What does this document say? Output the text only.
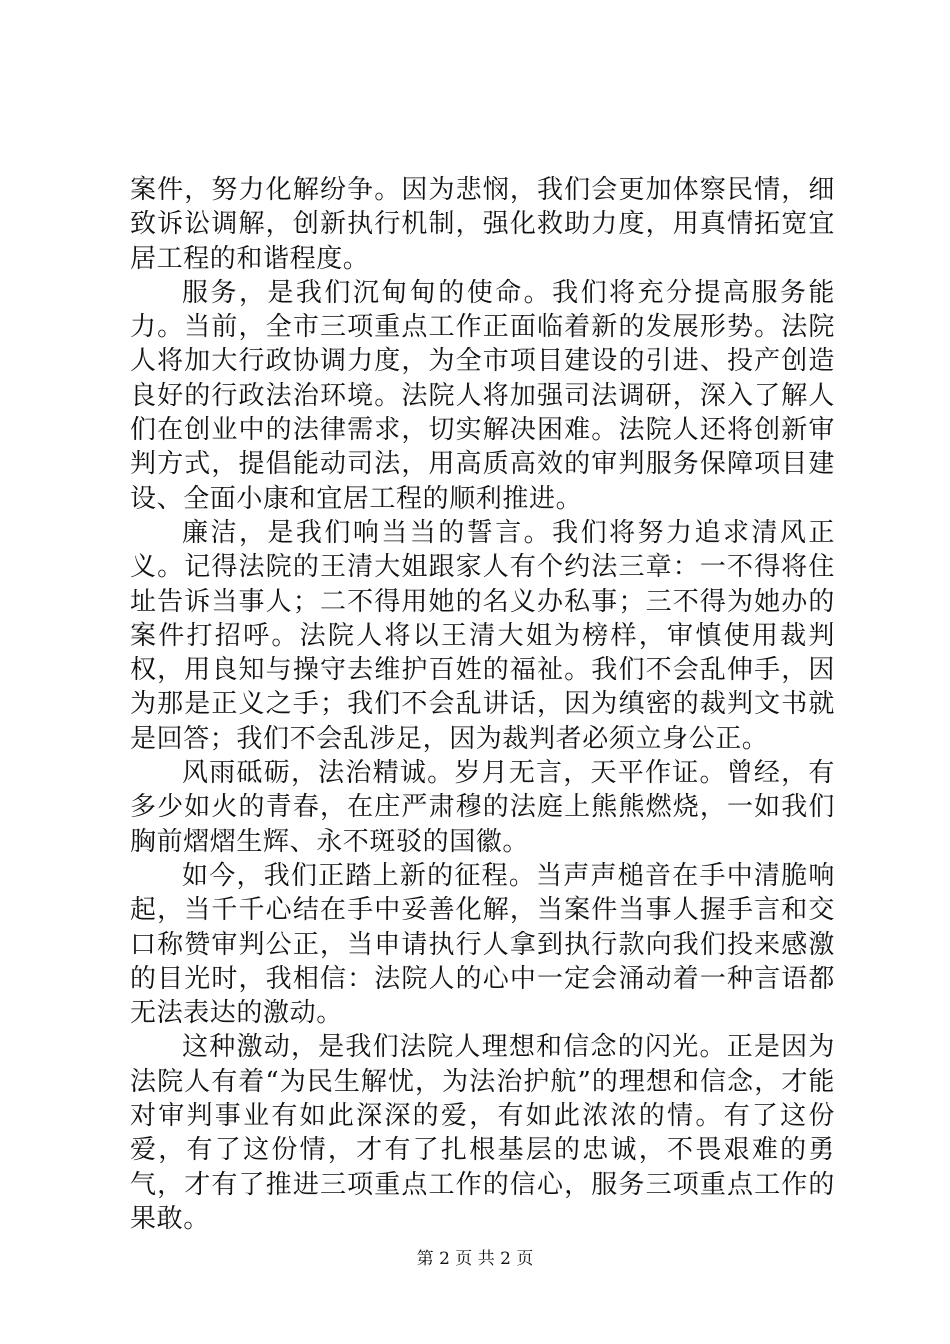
案件，努力化解纷争。因为悲悯，我们会更加体察民情，细致诉讼调解，创新执行机制，强化救助力度，用真情拓宽宜居工程的和谐程度。

服务，是我们沉甸甸的使命。我们将充分提高服务能力。当前，全市三项重点工作正面临着新的发展形势。法院人将加大行政协调力度，为全市项目建设的引进、投产创造良好的行政法治环境。法院人将加强司法调研，深入了解人们在创业中的法律需求，切实解决困难。法院人还将创新审判方式，提倡能动司法，用高质高效的审判服务保障项目建设、全面小康和宜居工程的顺利推进。

廉洁，是我们响当当的誓言。我们将努力追求清风正义。记得法院的王清大姐跟家人有个约法三章：一不得将住址告诉当事人；二不得用她的名义办私事；三不得为她办的案件打招呼。法院人将以王清大姐为榜样，审慎使用裁判权，用良知与操守去维护百姓的福祉。我们不会乱伸手，因为那是正义之手；我们不会乱讲话，因为缜密的裁判文书就是回答；我们不会乱涉足，因为裁判者必须立身公正。

风雨砥砺，法治精诚。岁月无言，天平作证。曾经，有多少如火的青春，在庄严肃穆的法庭上熊熊燃烧，一如我们胸前熠熠生辉、永不斑驳的国徽。

如今，我们正踏上新的征程。当声声槌音在手中清脆响起，当千千心结在手中妥善化解，当案件当事人握手言和交口称赞审判公正，当申请执行人拿到执行款向我们投来感激的目光时，我相信：法院人的心中一定会涌动着一种言语都无法表达的激动。

这种激动，是我们法院人理想和信念的闪光。正是因为法院人有着“为民生解忧，为法治护航”的理想和信念，才能对审判事业有如此深深的爱，有如此浓浓的情。有了这份爱，有了这份情，才有了扎根基层的忠诚，不畏艰难的勇气，才有了推进三项重点工作的信心，服务三项重点工作的果敢。

第 2 页 共 2 页
